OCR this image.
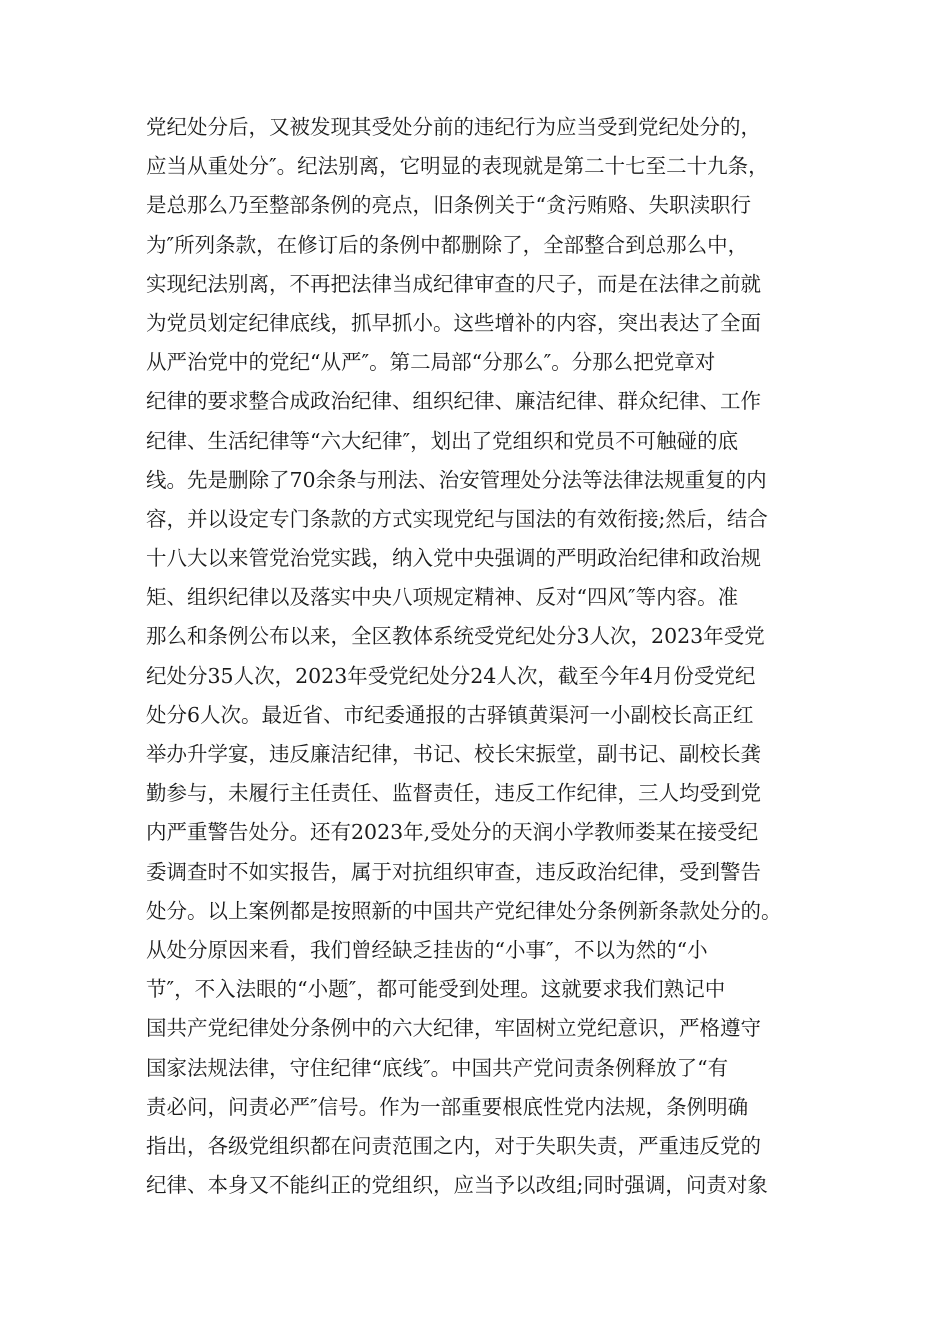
党纪处分后，又被发现其受处分前的违纪行为应当受到党纪处分的，
应当从重处分″。纪法别离，它明显的表现就是第二十七至二十九条，
是总那么乃至整部条例的亮点，旧条例关于“贪污贿赂、失职渎职行
为″所列条款，在修订后的条例中都删除了，全部整合到总那么中，
实现纪法别离，不再把法律当成纪律审查的尺子，而是在法律之前就
为党员划定纪律底线，抓早抓小。这些增补的内容，突出表达了全面
从严治党中的党纪“从严″。第二局部“分那么″。分那么把党章对
纪律的要求整合成政治纪律、组织纪律、廉洁纪律、群众纪律、工作
纪律、生活纪律等“六大纪律″，划出了党组织和党员不可触碰的底
线。先是删除了70余条与刑法、治安管理处分法等法律法规重复的内
容，并以设定专门条款的方式实现党纪与国法的有效衔接;然后，结合
十八大以来管党治党实践，纳入党中央强调的严明政治纪律和政治规
矩、组织纪律以及落实中央八项规定精神、反对“四风″等内容。准
那么和条例公布以来，全区教体系统受党纪处分3人次，2023年受党
纪处分35人次，2023年受党纪处分24人次，截至今年4月份受党纪
处分6人次。最近省、市纪委通报的古驿镇黄渠河一小副校长高正红
举办升学宴，违反廉洁纪律，书记、校长宋振堂，副书记、副校长龚
勤参与，未履行主任责任、监督责任，违反工作纪律，三人均受到党
内严重警告处分。还有2023年,受处分的天润小学教师娄某在接受纪
委调查时不如实报告，属于对抗组织审查，违反政治纪律，受到警告
处分。以上案例都是按照新的中国共产党纪律处分条例新条款处分的。
从处分原因来看，我们曾经缺乏挂齿的“小事″，不以为然的“小
节″，不入法眼的“小题″，都可能受到处理。这就要求我们熟记中
国共产党纪律处分条例中的六大纪律，牢固树立党纪意识，严格遵守
国家法规法律，守住纪律“底线″。中国共产党问责条例释放了“有
责必问，问责必严″信号。作为一部重要根底性党内法规，条例明确
指出，各级党组织都在问责范围之内，对于失职失责，严重违反党的
纪律、本身又不能纠正的党组织，应当予以改组;同时强调，问责对象
